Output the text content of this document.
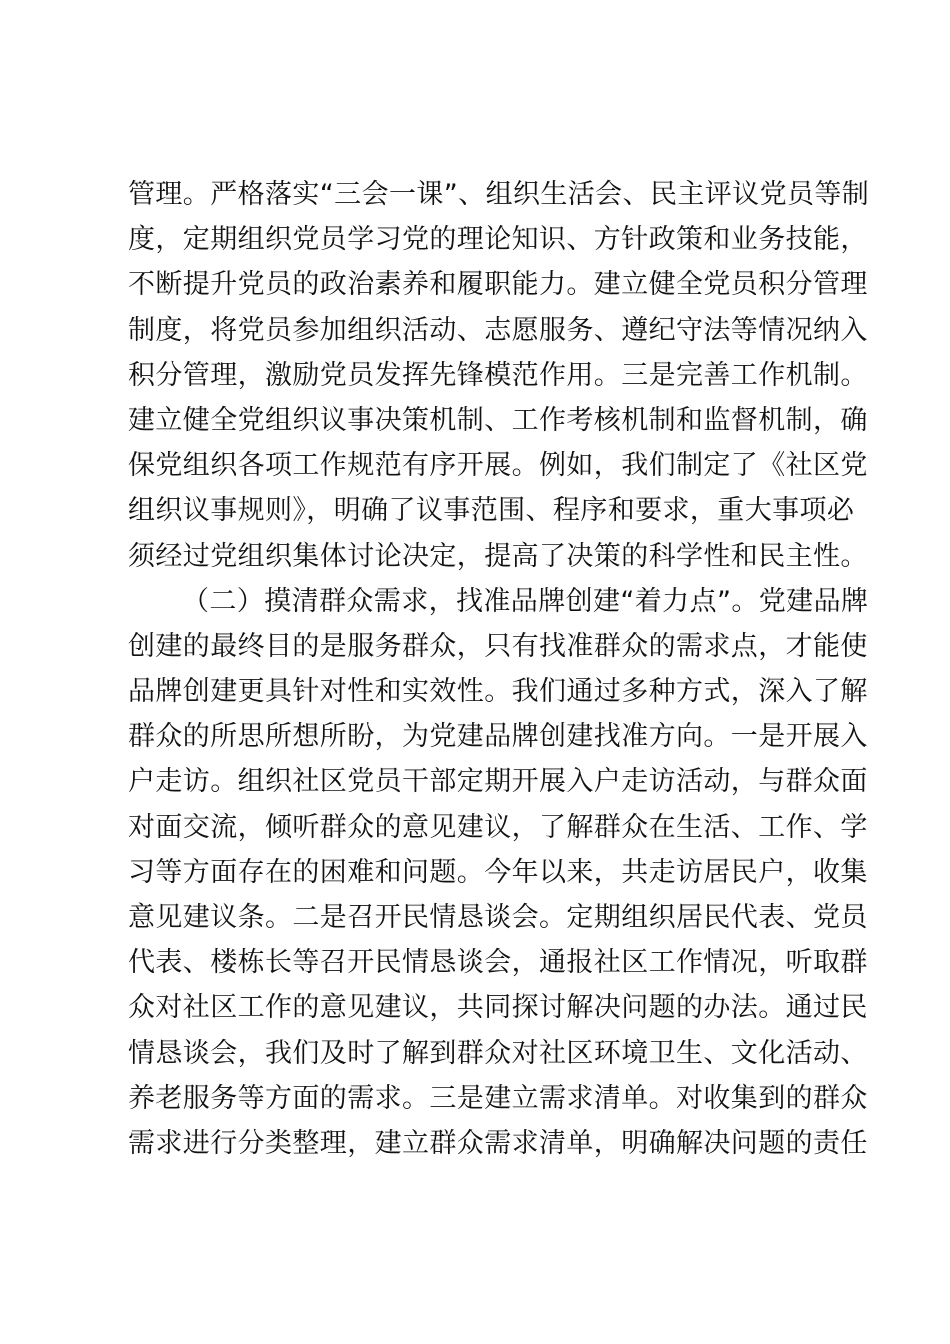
管理。严格落实“三会一课”、组织生活会、民主评议党员等制
度，定期组织党员学习党的理论知识、方针政策和业务技能，
不断提升党员的政治素养和履职能力。建立健全党员积分管理
制度，将党员参加组织活动、志愿服务、遵纪守法等情况纳入
积分管理，激励党员发挥先锋模范作用。三是完善工作机制。
建立健全党组织议事决策机制、工作考核机制和监督机制，确
保党组织各项工作规范有序开展。例如，我们制定了《社区党
组织议事规则》，明确了议事范围、程序和要求，重大事项必
须经过党组织集体讨论决定，提高了决策的科学性和民主性。
（二）摸清群众需求，找准品牌创建“着力点”。党建品牌
创建的最终目的是服务群众，只有找准群众的需求点，才能使
品牌创建更具针对性和实效性。我们通过多种方式，深入了解
群众的所思所想所盼，为党建品牌创建找准方向。一是开展入
户走访。组织社区党员干部定期开展入户走访活动，与群众面
对面交流，倾听群众的意见建议，了解群众在生活、工作、学
习等方面存在的困难和问题。今年以来，共走访居民户，收集
意见建议条。二是召开民情恳谈会。定期组织居民代表、党员
代表、楼栋长等召开民情恳谈会，通报社区工作情况，听取群
众对社区工作的意见建议，共同探讨解决问题的办法。通过民
情恳谈会，我们及时了解到群众对社区环境卫生、文化活动、
养老服务等方面的需求。三是建立需求清单。对收集到的群众
需求进行分类整理，建立群众需求清单，明确解决问题的责任
